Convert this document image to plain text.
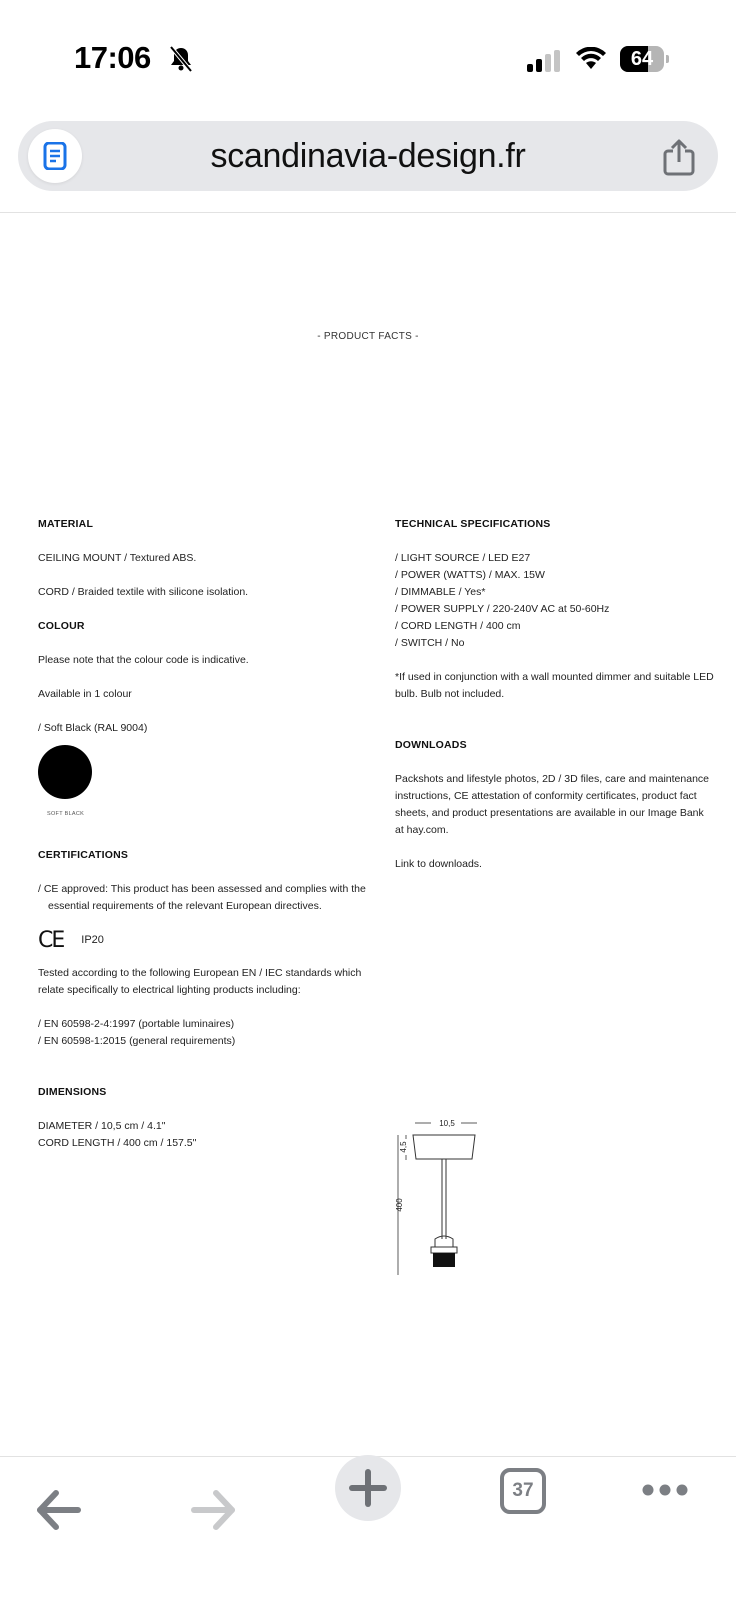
17:06	64
scandinavia-design.fr
- PRODUCT FACTS -
MATERIAL
CEILING MOUNT / Textured ABS.
CORD / Braided textile with silicone isolation.
COLOUR
Please note that the colour code is indicative.
Available in 1 colour
/ Soft Black (RAL 9004)
SOFT BLACK
CERTIFICATIONS
/ CE approved: This product has been assessed and complies with the essential requirements of the relevant European directives.
CE IP20
Tested according to the following European EN / IEC standards which relate specifically to electrical lighting products including:
/ EN 60598-2-4:1997 (portable luminaires)
/ EN 60598-1:2015 (general requirements)
DIMENSIONS
DIAMETER / 10,5 cm / 4.1"
CORD LENGTH / 400 cm / 157.5"
TECHNICAL SPECIFICATIONS
/ LIGHT SOURCE / LED E27
/ POWER (WATTS) / MAX. 15W
/ DIMMABLE / Yes*
/ POWER SUPPLY / 220-240V AC at 50-60Hz
/ CORD LENGTH / 400 cm
/ SWITCH / No
*If used in conjunction with a wall mounted dimmer and suitable LED bulb. Bulb not included.
DOWNLOADS
Packshots and lifestyle photos, 2D / 3D files, care and maintenance instructions, CE attestation of conformity certificates, product fact sheets, and product presentations are available in our Image Bank at hay.com.
Link to downloads.
10,5
4,5
400
37
